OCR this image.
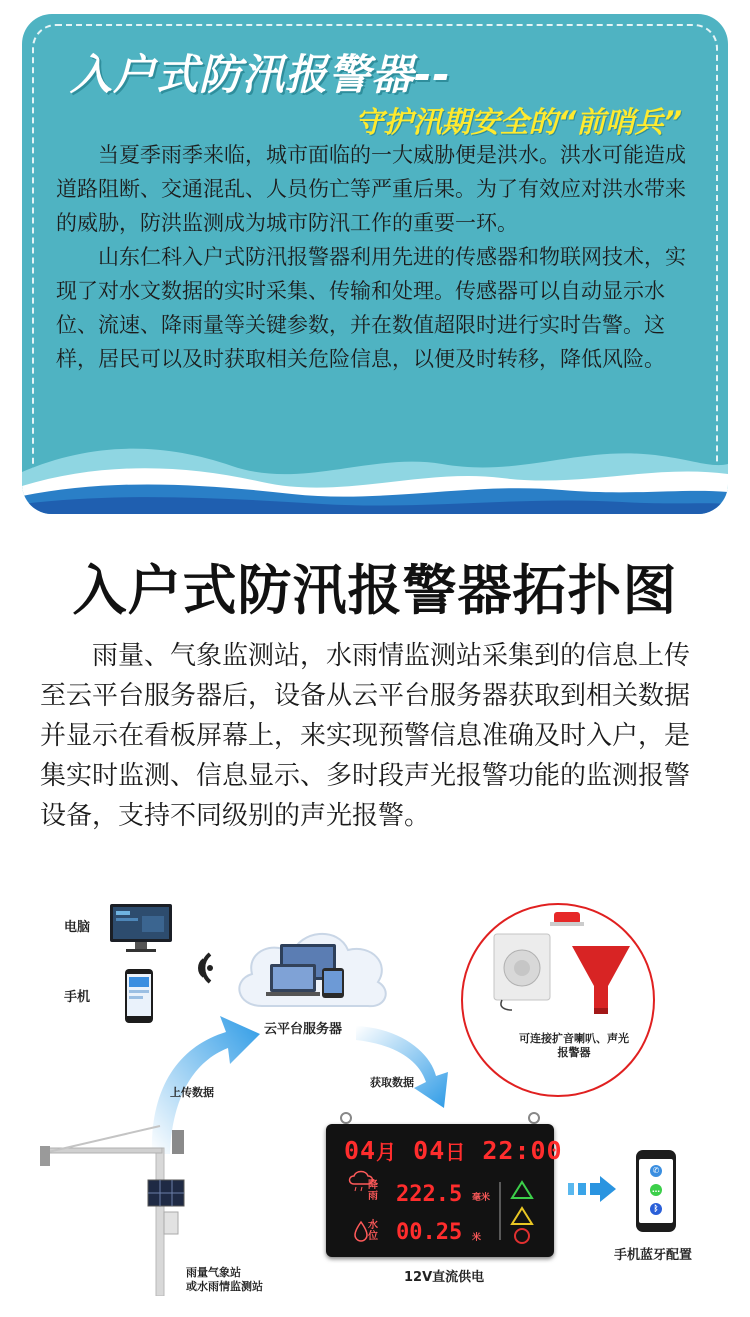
入户式防汛报警器--
守护汛期安全的“前哨兵”

当夏季雨季来临，城市面临的一大威胁便是洪水。洪水可能造成道路阻断、交通混乱、人员伤亡等严重后果。为了有效应对洪水带来的威胁，防洪监测成为城市防汛工作的重要一环。

山东仁科入户式防汛报警器利用先进的传感器和物联网技术，实现了对水文数据的实时采集、传输和处理。传感器可以自动显示水位、流速、降雨量等关键参数，并在数值超限时进行实时告警。这样，居民可以及时获取相关危险信息，以便及时转移，降低风险。

入户式防汛报警器拓扑图
雨量、气象监测站，水雨情监测站采集到的信息上传至云平台服务器后，设备从云平台服务器获取到相关数据并显示在看板屏幕上，来实现预警信息准确及时入户，是集实时监测、信息显示、多时段声光报警功能的监测报警设备，支持不同级别的声光报警。
电脑
手机
云平台服务器
上传数据
获取数据
可连接扩音喇叭、声光
报警器
04月 04日 22:00
降
雨 222.5 毫米
水
位 00.25 米
12V直流供电
✆
…
ᛒ
手机蓝牙配置
雨量气象站
或水雨情监测站
